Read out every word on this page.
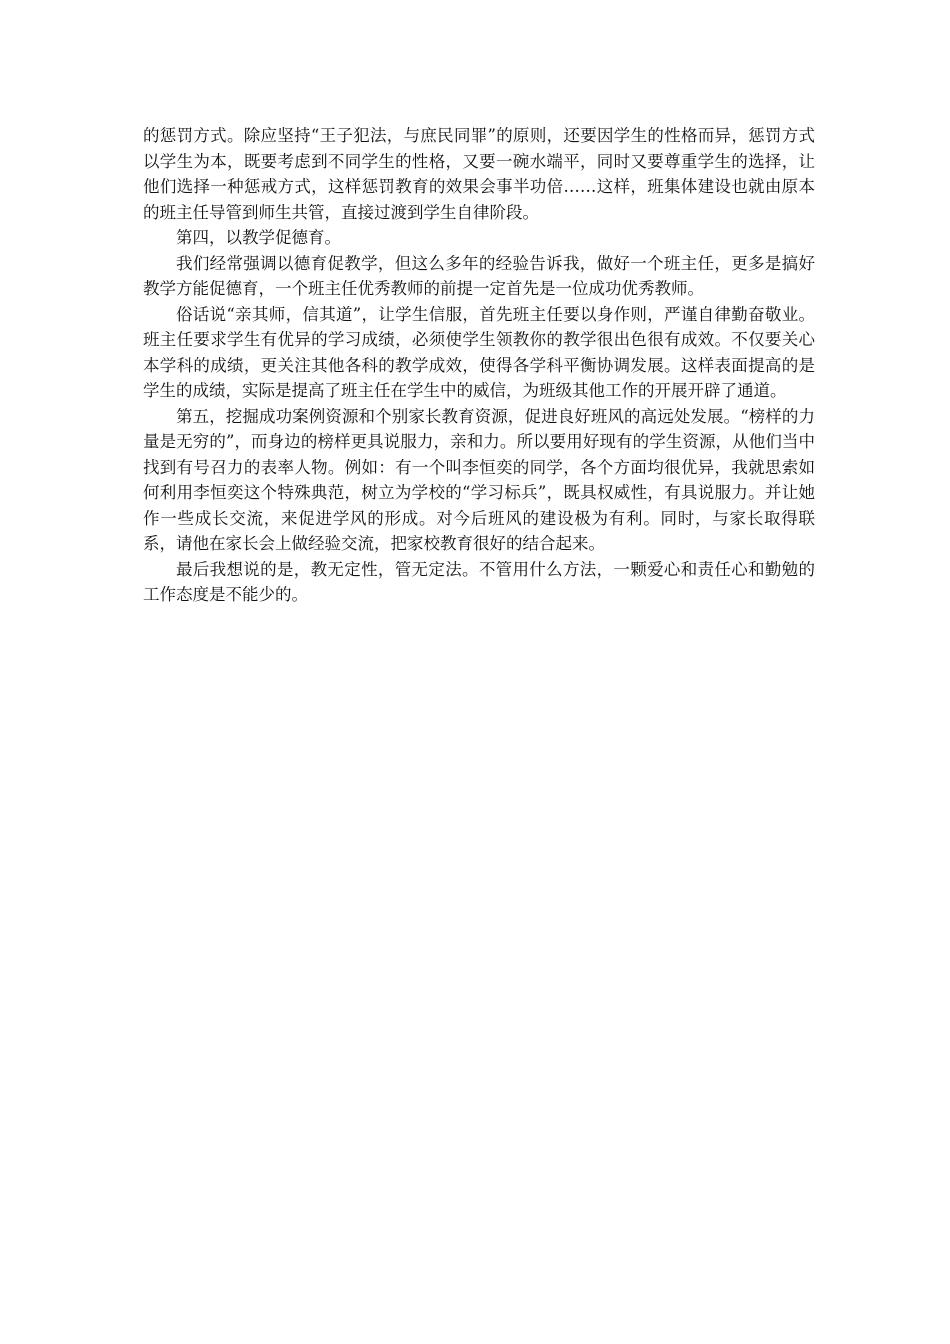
的惩罚方式。除应坚持“王子犯法，与庶民同罪”的原则，还要因学生的性格而异，惩罚方式以学生为本，既要考虑到不同学生的性格，又要一碗水端平，同时又要尊重学生的选择，让他们选择一种惩戒方式，这样惩罚教育的效果会事半功倍……这样，班集体建设也就由原本的班主任导管到师生共管，直接过渡到学生自律阶段。

第四，以教学促德育。

我们经常强调以德育促教学，但这么多年的经验告诉我，做好一个班主任，更多是搞好教学方能促德育，一个班主任优秀教师的前提一定首先是一位成功优秀教师。

俗话说“亲其师，信其道”，让学生信服，首先班主任要以身作则，严谨自律勤奋敬业。班主任要求学生有优异的学习成绩，必须使学生领教你的教学很出色很有成效。不仅要关心本学科的成绩，更关注其他各科的教学成效，使得各学科平衡协调发展。这样表面提高的是学生的成绩，实际是提高了班主任在学生中的威信，为班级其他工作的开展开辟了通道。

第五，挖掘成功案例资源和个别家长教育资源，促进良好班风的高远处发展。“榜样的力量是无穷的”，而身边的榜样更具说服力，亲和力。所以要用好现有的学生资源，从他们当中找到有号召力的表率人物。例如：有一个叫李恒奕的同学，各个方面均很优异，我就思索如何利用李恒奕这个特殊典范，树立为学校的“学习标兵”，既具权威性，有具说服力。并让她作一些成长交流，来促进学风的形成。对今后班风的建设极为有利。同时，与家长取得联系，请他在家长会上做经验交流，把家校教育很好的结合起来。

最后我想说的是，教无定性，管无定法。不管用什么方法，一颗爱心和责任心和勤勉的工作态度是不能少的。
